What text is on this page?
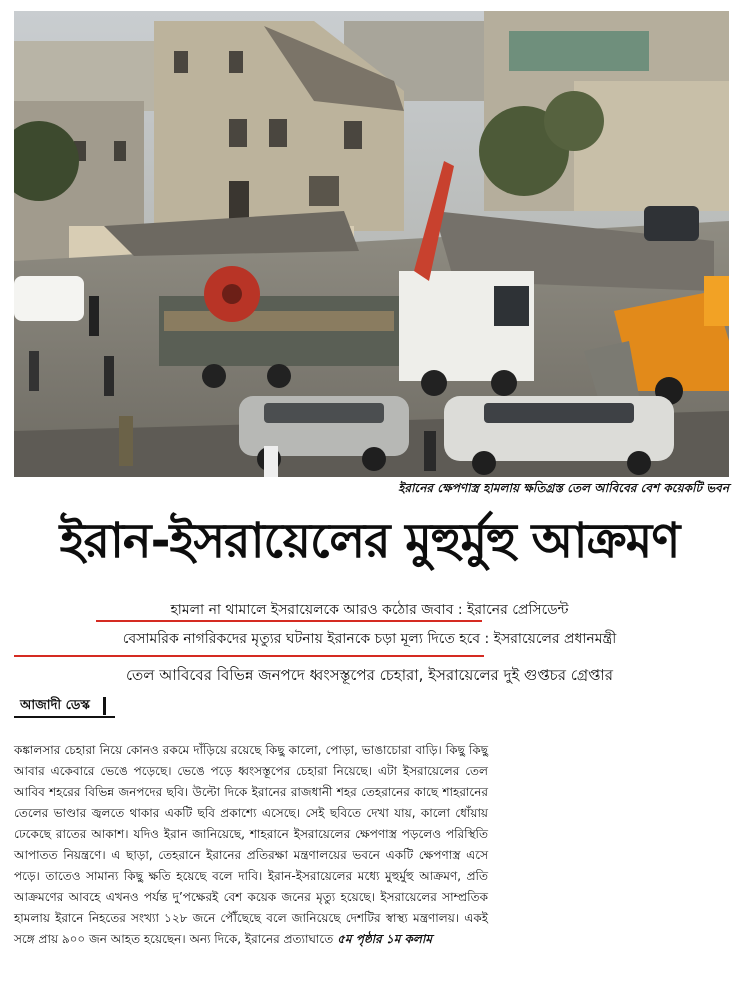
ইরানের ক্ষেপণাস্ত্র হামলায় ক্ষতিগ্রস্ত তেল আবিবের বেশ কয়েকটি ভবন
ইরান-ইসরায়েলের মুহুর্মুহু আক্রমণ
হামলা না থামালে ইসরায়েলকে আরও কঠোর জবাব : ইরানের প্রেসিডেন্ট
বেসামরিক নাগরিকদের মৃত্যুর ঘটনায় ইরানকে চড়া মূল্য দিতে হবে : ইসরায়েলের প্রধানমন্ত্রী
তেল আবিবের বিভিন্ন জনপদে ধ্বংসস্তূপের চেহারা, ইসরায়েলের দুই গুপ্তচর গ্রেপ্তার
আজাদী ডেস্ক
কঙ্কালসার চেহারা নিয়ে কোনও রকমে দাঁড়িয়ে রয়েছে কিছু কালো, পোড়া, ভাঙাচোরা বাড়ি। কিছু কিছু আবার একেবারে ভেঙে পড়েছে। ভেঙে পড়ে ধ্বংসস্তূপের চেহারা নিয়েছে। এটা ইসরায়েলের তেল আবিব শহরের বিভিন্ন জনপদের ছবি। উল্টো দিকে ইরানের রাজধানী শহর তেহরানের কাছে শাহরানের তেলের ভাণ্ডার জ্বলতে থাকার একটি ছবি প্রকাশ্যে এসেছে। সেই ছবিতে দেখা যায়, কালো ধোঁয়ায় ঢেকেছে রাতের আকাশ। যদিও ইরান জানিয়েছে, শাহরানে ইসরায়েলের ক্ষেপণাস্ত্র পড়লেও পরিস্থিতি আপাতত নিয়ন্ত্রণে। এ ছাড়া, তেহরানে ইরানের প্রতিরক্ষা মন্ত্রণালয়ের ভবনে একটি ক্ষেপণাস্ত্র এসে পড়ে। তাতেও সামান্য কিছু ক্ষতি হয়েছে বলে দাবি। ইরান-ইসরায়েলের মধ্যে মুহুর্মুহু আক্রমণ, প্রতি আক্রমণের আবহে এখনও পর্যন্ত দু’পক্ষেরই বেশ কয়েক জনের মৃত্যু হয়েছে। ইসরায়েলের সাম্প্রতিক হামলায় ইরানে নিহতের সংখ্যা ১২৮ জনে পৌঁছেছে বলে জানিয়েছে দেশটির স্বাস্থ্য মন্ত্রণালয়। একই সঙ্গে প্রায় ৯০০ জন আহত হয়েছেন। অন্য দিকে, ইরানের প্রত্যাঘাতে ৫ম পৃষ্ঠার ১ম কলাম
